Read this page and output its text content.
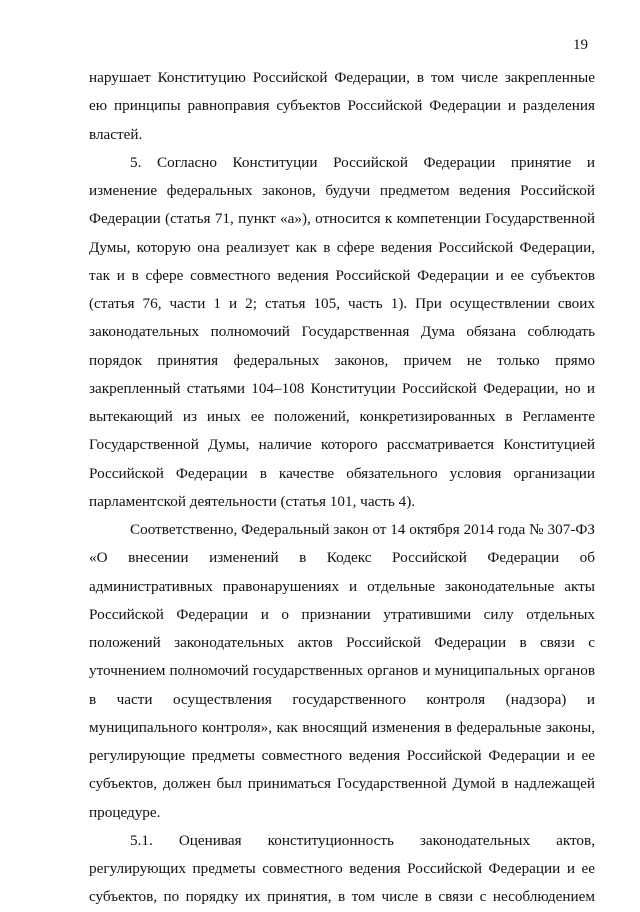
19

нарушает Конституцию Российской Федерации, в том числе закрепленные ею принципы равноправия субъектов Российской Федерации и разделения властей.

5. Согласно Конституции Российской Федерации принятие и изменение федеральных законов, будучи предметом ведения Российской Федерации (статья 71, пункт «а»), относится к компетенции Государственной Думы, которую она реализует как в сфере ведения Российской Федерации, так и в сфере совместного ведения Российской Федерации и ее субъектов (статья 76, части 1 и 2; статья 105, часть 1). При осуществлении своих законодательных полномочий Государственная Дума обязана соблюдать порядок принятия федеральных законов, причем не только прямо закрепленный статьями 104–108 Конституции Российской Федерации, но и вытекающий из иных ее положений, конкретизированных в Регламенте Государственной Думы, наличие которого рассматривается Конституцией Российской Федерации в качестве обязательного условия организации парламентской деятельности (статья 101, часть 4).

Соответственно, Федеральный закон от 14 октября 2014 года № 307-ФЗ «О внесении изменений в Кодекс Российской Федерации об административных правонарушениях и отдельные законодательные акты Российской Федерации и о признании утратившими силу отдельных положений законодательных актов Российской Федерации в связи с уточнением полномочий государственных органов и муниципальных органов в части осуществления государственного контроля (надзора) и муниципального контроля», как вносящий изменения в федеральные законы, регулирующие предметы совместного ведения Российской Федерации и ее субъектов, должен был приниматься Государственной Думой в надлежащей процедуре.

5.1. Оценивая конституционность законодательных актов, регулирующих предметы совместного ведения Российской Федерации и ее субъектов, по порядку их принятия, в том числе в связи с несоблюдением
